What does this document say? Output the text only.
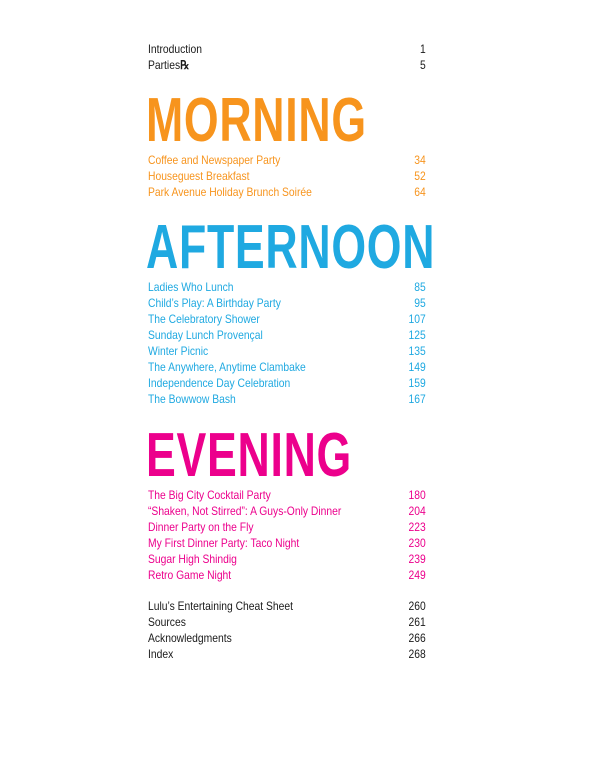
Introduction	1
Parties℞	5
MORNING
Coffee and Newspaper Party	34
Houseguest Breakfast	52
Park Avenue Holiday Brunch Soirée	64
AFTERNOON
Ladies Who Lunch	85
Child’s Play: A Birthday Party	95
The Celebratory Shower	107
Sunday Lunch Provençal	125
Winter Picnic	135
The Anywhere, Anytime Clambake	149
Independence Day Celebration	159
The Bowwow Bash	167
EVENING
The Big City Cocktail Party	180
“Shaken, Not Stirred”: A Guys-Only Dinner	204
Dinner Party on the Fly	223
My First Dinner Party: Taco Night	230
Sugar High Shindig	239
Retro Game Night	249
Lulu’s Entertaining Cheat Sheet	260
Sources	261
Acknowledgments	266
Index	268
